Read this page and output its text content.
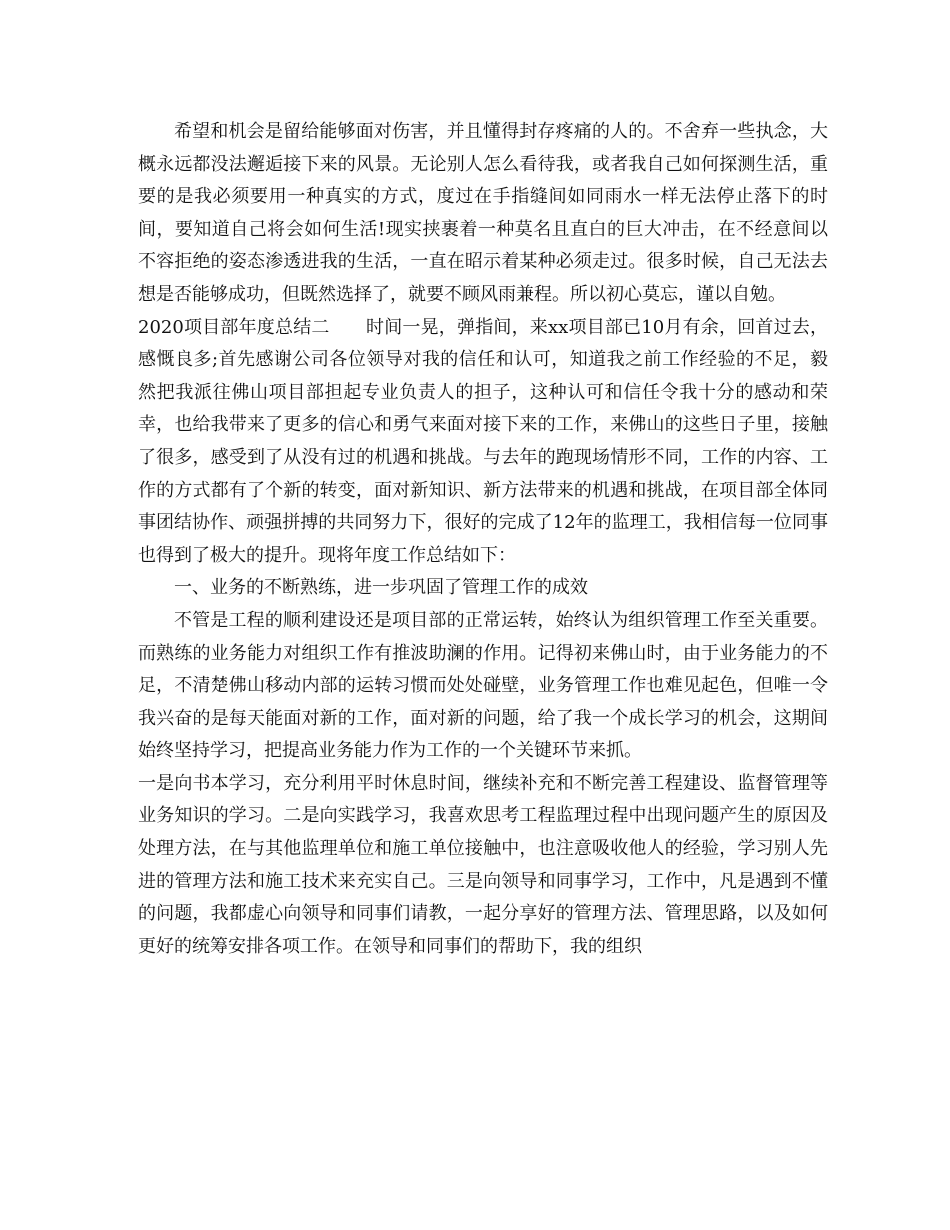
希望和机会是留给能够面对伤害，并且懂得封存疼痛的人的。不舍弃一些执念，大概永远都没法邂逅接下来的风景。无论别人怎么看待我，或者我自己如何探测生活，重要的是我必须要用一种真实的方式，度过在手指缝间如同雨水一样无法停止落下的时间，要知道自己将会如何生活!现实挟裹着一种莫名且直白的巨大冲击，在不经意间以不容拒绝的姿态渗透进我的生活，一直在昭示着某种必须走过。很多时候，自己无法去想是否能够成功，但既然选择了，就要不顾风雨兼程。所以初心莫忘，谨以自勉。

2020项目部年度总结二　　时间一晃，弹指间，来xx项目部已10月有余，回首过去，感慨良多;首先感谢公司各位领导对我的信任和认可，知道我之前工作经验的不足，毅然把我派往佛山项目部担起专业负责人的担子，这种认可和信任令我十分的感动和荣幸，也给我带来了更多的信心和勇气来面对接下来的工作，来佛山的这些日子里，接触了很多，感受到了从没有过的机遇和挑战。与去年的跑现场情形不同，工作的内容、工作的方式都有了个新的转变，面对新知识、新方法带来的机遇和挑战，在项目部全体同事团结协作、顽强拼搏的共同努力下，很好的完成了12年的监理工，我相信每一位同事也得到了极大的提升。现将年度工作总结如下：

一、业务的不断熟练，进一步巩固了管理工作的成效

不管是工程的顺利建设还是项目部的正常运转，始终认为组织管理工作至关重要。而熟练的业务能力对组织工作有推波助澜的作用。记得初来佛山时，由于业务能力的不足，不清楚佛山移动内部的运转习惯而处处碰壁，业务管理工作也难见起色，但唯一令我兴奋的是每天能面对新的工作，面对新的问题，给了我一个成长学习的机会，这期间始终坚持学习，把提高业务能力作为工作的一个关键环节来抓。

一是向书本学习，充分利用平时休息时间，继续补充和不断完善工程建设、监督管理等业务知识的学习。二是向实践学习，我喜欢思考工程监理过程中出现问题产生的原因及处理方法，在与其他监理单位和施工单位接触中，也注意吸收他人的经验，学习别人先进的管理方法和施工技术来充实自己。三是向领导和同事学习，工作中，凡是遇到不懂的问题，我都虚心向领导和同事们请教，一起分享好的管理方法、管理思路，以及如何更好的统筹安排各项工作。在领导和同事们的帮助下，我的组织
